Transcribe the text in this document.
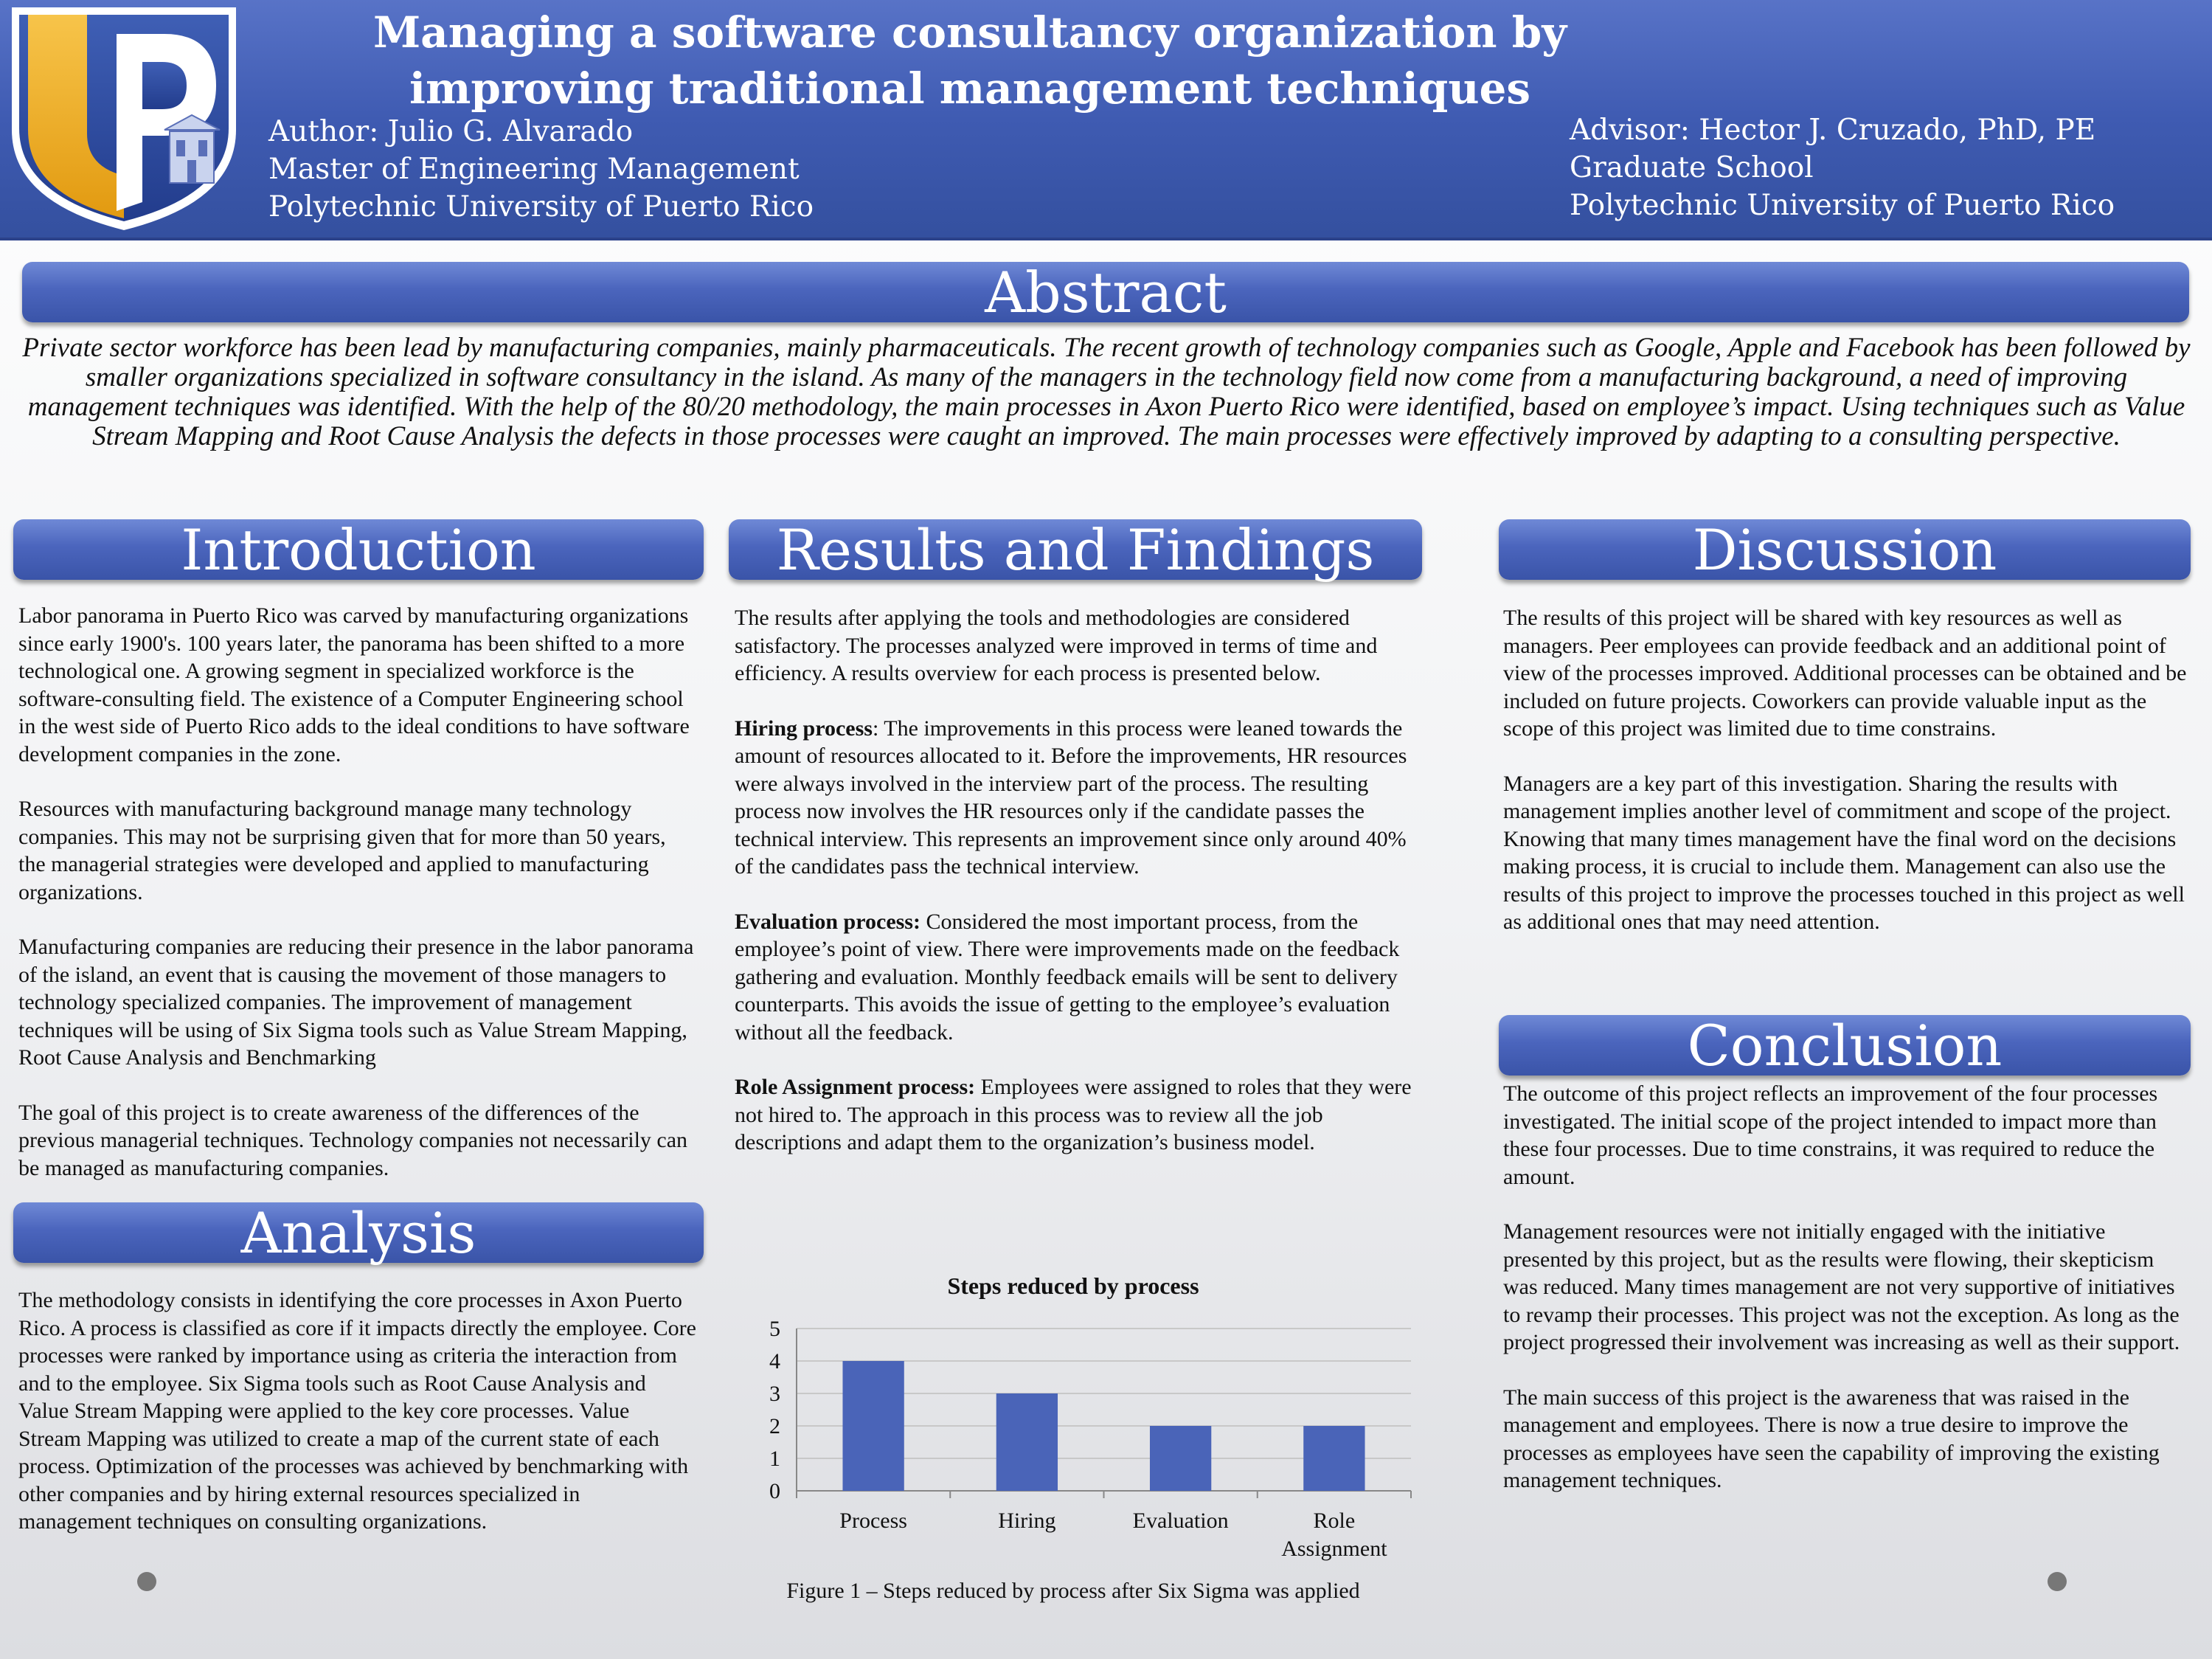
Managing a software consultancy organization by improving traditional management techniques
Author: Julio G. Alvarado
Master of Engineering Management
Polytechnic University of Puerto Rico
Advisor: Hector J. Cruzado, PhD, PE
Graduate School
Polytechnic University of Puerto Rico
Abstract
Private sector workforce has been lead by manufacturing companies, mainly pharmaceuticals. The recent growth of technology companies such as Google, Apple and Facebook has been followed by smaller organizations specialized in software consultancy in the island. As many of the managers in the technology field now come from a manufacturing background, a need of improving management techniques was identified. With the help of the 80/20 methodology, the main processes in Axon Puerto Rico were identified, based on employee’s impact. Using techniques such as Value Stream Mapping and Root Cause Analysis the defects in those processes were caught an improved. The main processes were effectively improved by adapting to a consulting perspective.
Introduction

Labor panorama in Puerto Rico was carved by manufacturing organizations since early 1900's. 100 years later, the panorama has been shifted to a more technological one. A growing segment in specialized workforce is the software-consulting field. The existence of a Computer Engineering school in the west side of Puerto Rico adds to the ideal conditions to have software development companies in the zone.

Resources with manufacturing background manage many technology companies. This may not be surprising given that for more than 50 years, the managerial strategies were developed and applied to manufacturing organizations.

Manufacturing companies are reducing their presence in the labor panorama of the island, an event that is causing the movement of those managers to technology specialized companies. The improvement of management techniques will be using of Six Sigma tools such as Value Stream Mapping, Root Cause Analysis and Benchmarking

The goal of this project is to create awareness of the differences of the previous managerial techniques. Technology companies not necessarily can be managed as manufacturing companies.

Analysis

The methodology consists in identifying the core processes in Axon Puerto Rico. A process is classified as core if it impacts directly the employee. Core processes were ranked by importance using as criteria the interaction from and to the employee. Six Sigma tools such as Root Cause Analysis and Value Stream Mapping were applied to the key core processes. Value Stream Mapping was utilized to create a map of the current state of each process. Optimization of the processes was achieved by benchmarking with other companies and by hiring external resources specialized in management techniques on consulting organizations.

Results and Findings

The results after applying the tools and methodologies are considered satisfactory. The processes analyzed were improved in terms of time and efficiency. A results overview for each process is presented below.

Hiring process: The improvements in this process were leaned towards the amount of resources allocated to it. Before the improvements, HR resources were always involved in the interview part of the process. The resulting process now involves the HR resources only if the candidate passes the technical interview. This represents an improvement since only around 40% of the candidates pass the technical interview.

Evaluation process: Considered the most important process, from the employee’s point of view. There were improvements made on the feedback gathering and evaluation. Monthly feedback emails will be sent to delivery counterparts. This avoids the issue of getting to the employee’s evaluation without all the feedback.

Role Assignment process: Employees were assigned to roles that they were not hired to. The approach in this process was to review all the job descriptions and adapt them to the organization’s business model.

Steps reduced by process
0
1
2
3
4
5
Process	Hiring	Evaluation	Role
Assignment
Figure 1 – Steps reduced by process after Six Sigma was applied
Discussion

The results of this project will be shared with key resources as well as managers. Peer employees can provide feedback and an additional point of view of the processes improved. Additional processes can be obtained and be included on future projects. Coworkers can provide valuable input as the scope of this project was limited due to time constrains.

Managers are a key part of this investigation. Sharing the results with management implies another level of commitment and scope of the project. Knowing that many times management have the final word on the decisions making process, it is crucial to include them. Management can also use the results of this project to improve the processes touched in this project as well as additional ones that may need attention.

Conclusion

The outcome of this project reflects an improvement of the four processes investigated. The initial scope of the project intended to impact more than these four processes. Due to time constrains, it was required to reduce the amount.

Management resources were not initially engaged with the initiative presented by this project, but as the results were flowing, their skepticism was reduced. Many times management are not very supportive of initiatives to revamp their processes. This project was not the exception. As long as the project progressed their involvement was increasing as well as their support.

The main success of this project is the awareness that was raised in the management and employees. There is now a true desire to improve the processes as employees have seen the capability of improving the existing management techniques.
